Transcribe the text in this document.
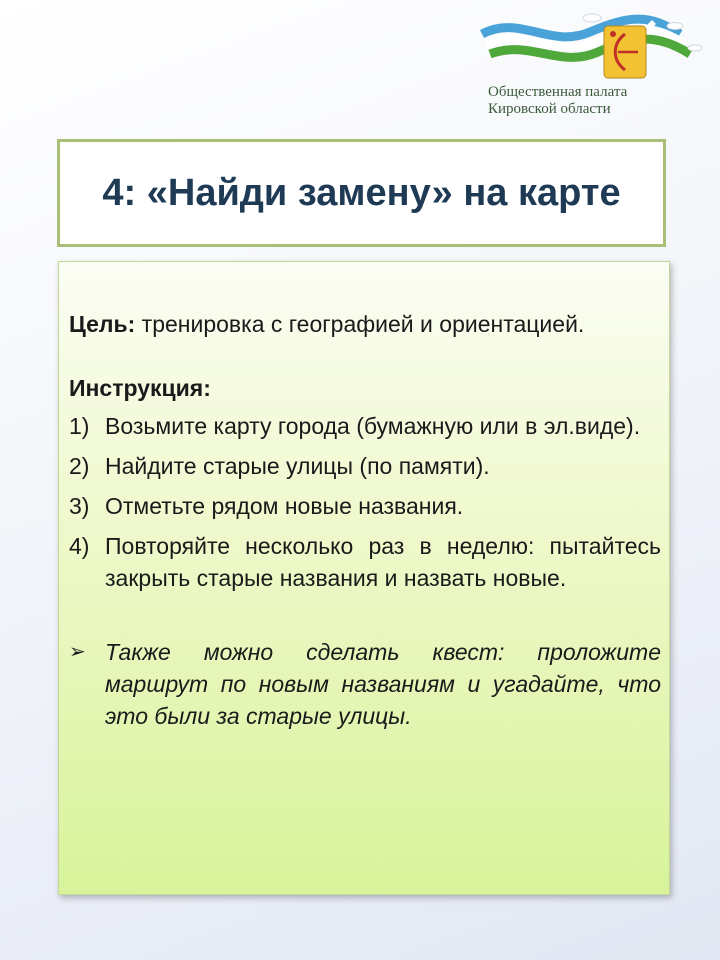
Общественная палата
Кировской области
4: «Найди замену» на карте

Цель: тренировка с географией и ориентацией.

Инструкция:
1) Возьмите карту города (бумажную или в эл.виде).
2) Найдите старые улицы (по памяти).
3) Отметьте рядом новые названия.
4) Повторяйте несколько раз в неделю: пытайтесь закрыть старые названия и назвать новые.
➢ Также можно сделать квест: проложите маршрут по новым названиям и угадайте, что это были за старые улицы.
